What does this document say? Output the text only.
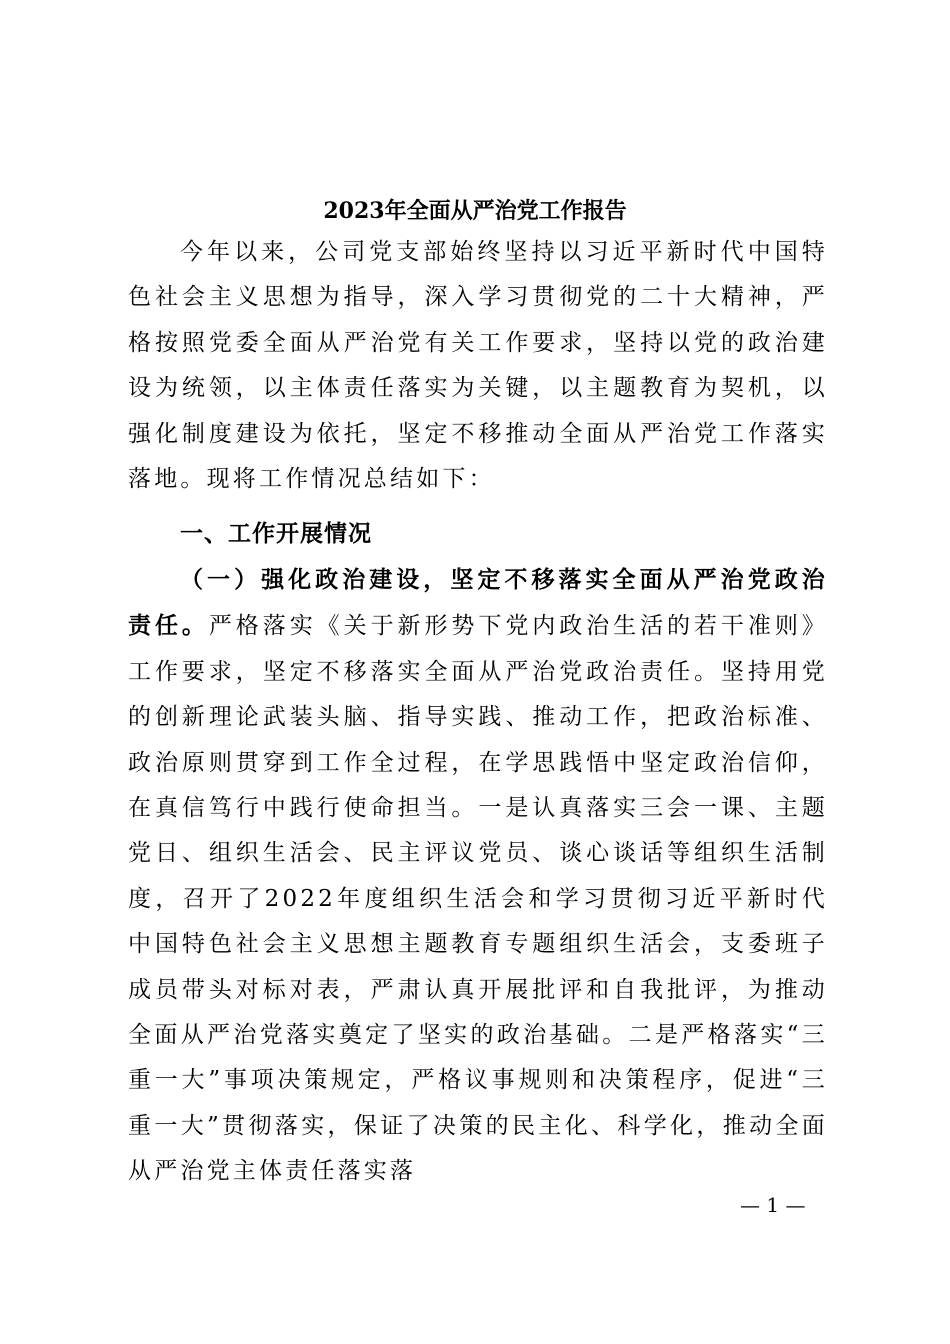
2023年全面从严治党工作报告

今年以来，公司党支部始终坚持以习近平新时代中国特色社会主义思想为指导，深入学习贯彻党的二十大精神，严格按照党委全面从严治党有关工作要求，坚持以党的政治建设为统领，以主体责任落实为关键，以主题教育为契机，以强化制度建设为依托，坚定不移推动全面从严治党工作落实落地。现将工作情况总结如下：

一、工作开展情况

（一）强化政治建设，坚定不移落实全面从严治党政治责任。严格落实《关于新形势下党内政治生活的若干准则》工作要求，坚定不移落实全面从严治党政治责任。坚持用党的创新理论武装头脑、指导实践、推动工作，把政治标准、政治原则贯穿到工作全过程，在学思践悟中坚定政治信仰，在真信笃行中践行使命担当。一是认真落实三会一课、主题党日、组织生活会、民主评议党员、谈心谈话等组织生活制度，召开了2022年度组织生活会和学习贯彻习近平新时代中国特色社会主义思想主题教育专题组织生活会，支委班子成员带头对标对表，严肃认真开展批评和自我批评，为推动全面从严治党落实奠定了坚实的政治基础。二是严格落实“三重一大”事项决策规定，严格议事规则和决策程序，促进“三重一大”贯彻落实，保证了决策的民主化、科学化，推动全面从严治党主体责任落实落

— 1 —
